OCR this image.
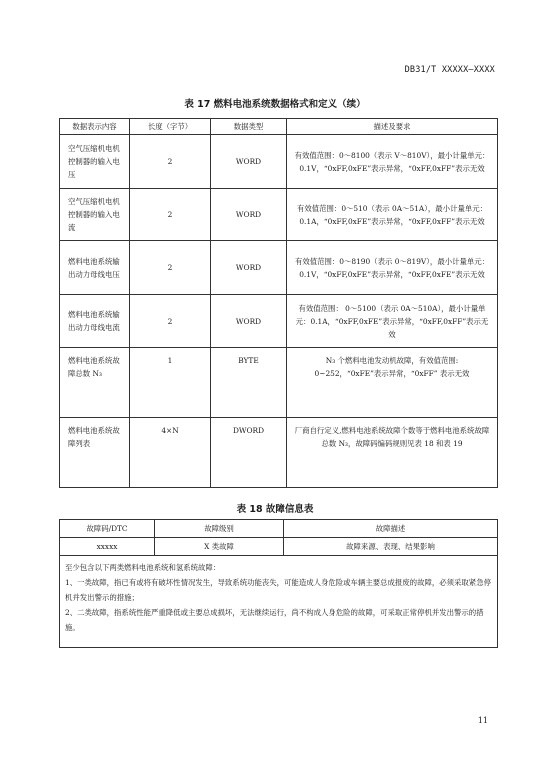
DB31/T XXXXX—XXXX
表 17 燃料电池系统数据格式和定义（续）
数据表示内容	长度（字节）	数据类型	描述及要求
空气压缩机电机控制器的输入电压	2	WORD	有效值范围：0～8100（表示 V～810V），最小计量单元：0.1V，“0xFF,0xFE”表示异常，“0xFF,0xFF”表示无效
空气压缩机电机控制器的输入电流	2	WORD	有效值范围：0～510（表示 0A～51A），最小计量单元：0.1A，“0xFF,0xFE”表示异常，“0xFF,0xFF”表示无效
燃料电池系统输出动力母线电压	2	WORD	有效值范围：0～8190（表示 0～819V），最小计量单元：0.1V，“0xFF,0xFE”表示异常，“0xFF,0xFE”表示无效
燃料电池系统输出动力母线电流	2	WORD	有效值范围： 0～5100（表示 0A～510A），最小计量单元：0.1A，“0xFF,0xFE”表示异常，“0xFF,0xFF”表示无效
燃料电池系统故障总数 N₃	1	BYTE	N₃ 个燃料电池发动机故障，有效值范围: 0~252，“0xFE”表示异常，“0xFF” 表示无效
燃料电池系统故障列表	4×N	DWORD	厂商自行定义,燃料电池系统故障个数等于燃料电池系统故障总数 N₃，故障码编码规则见表 18 和表 19
表 18 故障信息表
故障码/DTC	故障级别	故障描述
xxxxx	X 类故障	故障来源、表现、结果影响

至少包含以下两类燃料电池系统和氢系统故障：
1、一类故障，指已有或将有破坏性情况发生，导致系统功能丧失，可能造成人身危险或车辆主要总成报废的故障，必须采取紧急停机并发出警示的措施；
2、二类故障，指系统性能严重降低或主要总成损坏，无法继续运行，尚不构成人身危险的故障，可采取正常停机并发出警示的措施。		
11
